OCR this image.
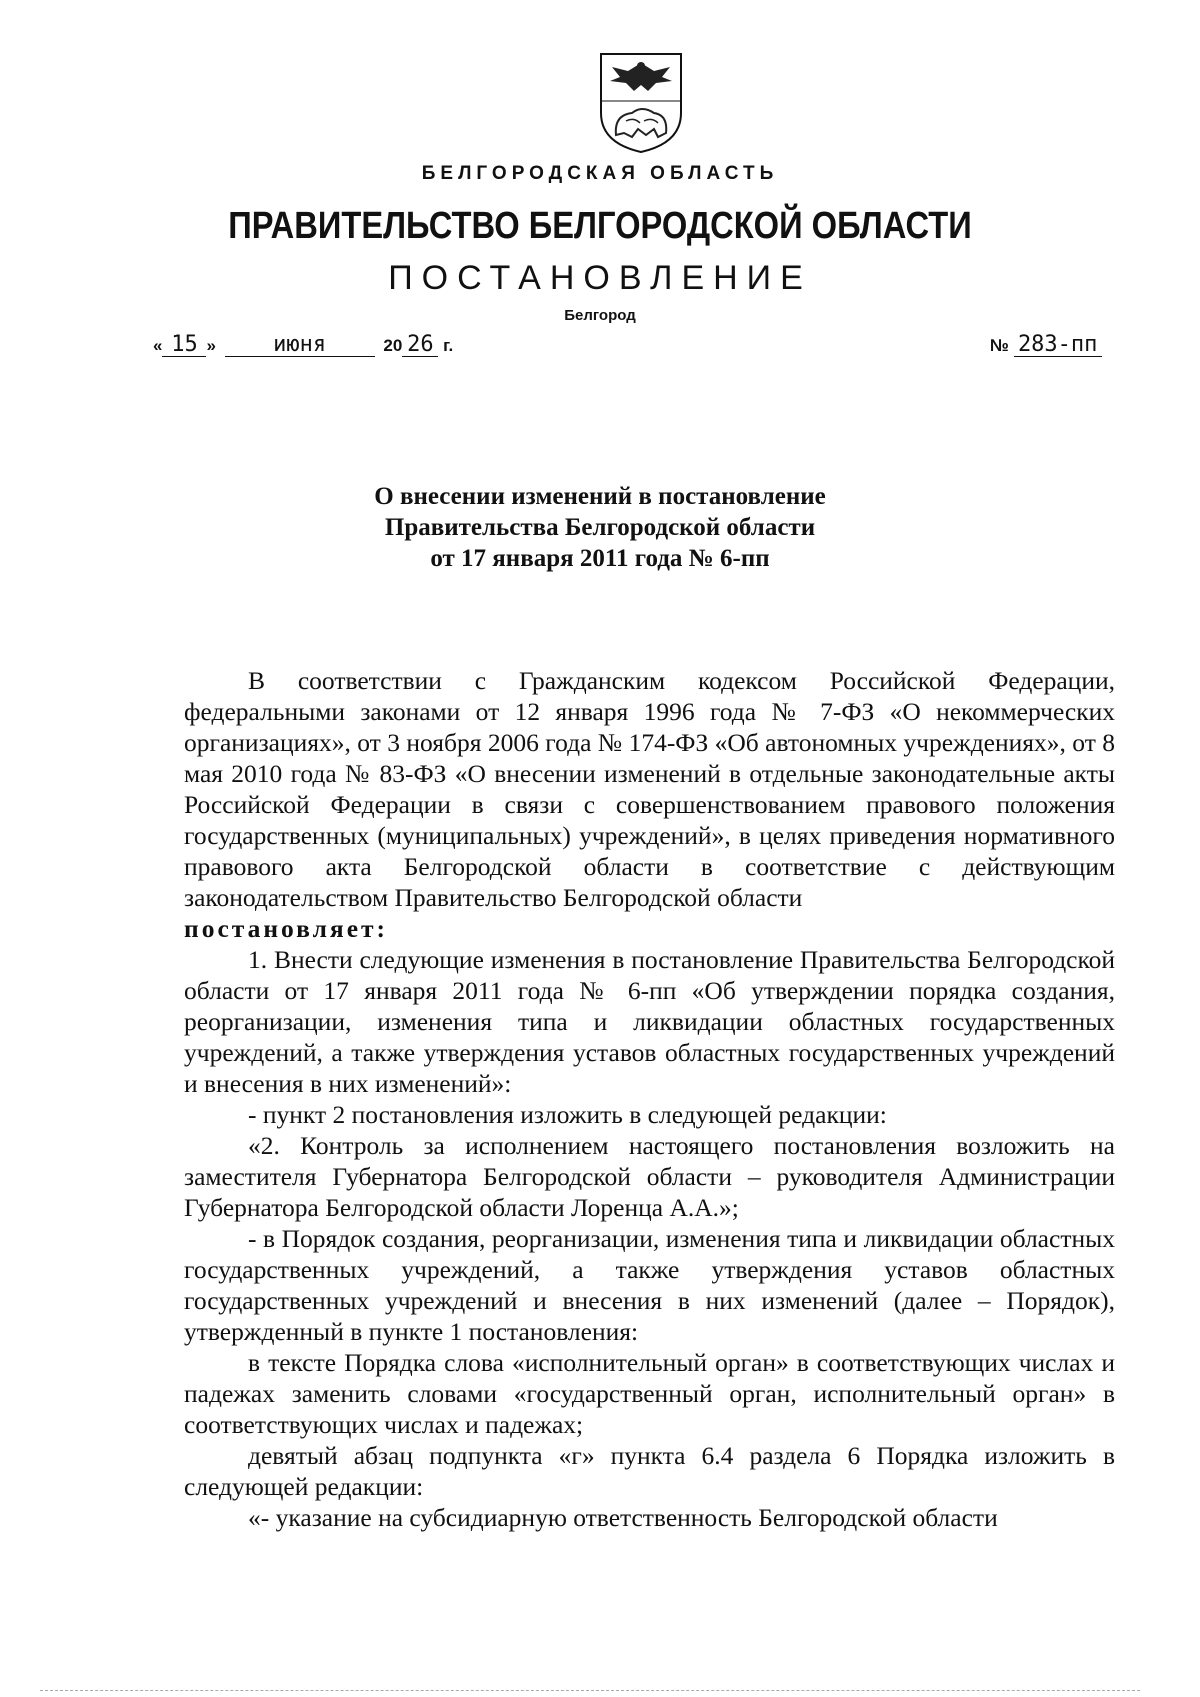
БЕЛГОРОДСКАЯ ОБЛАСТЬ
ПРАВИТЕЛЬСТВО БЕЛГОРОДСКОЙ ОБЛАСТИ
ПОСТАНОВЛЕНИЕ
Белгород
« 15 »	июня	20 26 г.	№ 283-пп
О внесении изменений в постановление
Правительства Белгородской области
от 17 января 2011 года № 6-пп

В соответствии с Гражданским кодексом Российской Федерации, федеральными законами от 12 января 1996 года № 7-ФЗ «О некоммерческих организациях», от 3 ноября 2006 года № 174-ФЗ «Об автономных учреждениях», от 8 мая 2010 года № 83-ФЗ «О внесении изменений в отдельные законодательные акты Российской Федерации в связи с совершенствованием правового положения государственных (муниципальных) учреждений», в целях приведения нормативного правового акта Белгородской области в соответствие с действующим законодательством Правительство Белгородской области

постановляет:

1. Внести следующие изменения в постановление Правительства Белгородской области от 17 января 2011 года № 6-пп «Об утверждении порядка создания, реорганизации, изменения типа и ликвидации областных государственных учреждений, а также утверждения уставов областных государственных учреждений и внесения в них изменений»:

- пункт 2 постановления изложить в следующей редакции:

«2. Контроль за исполнением настоящего постановления возложить на заместителя Губернатора Белгородской области – руководителя Администрации Губернатора Белгородской области Лоренца А.А.»;

- в Порядок создания, реорганизации, изменения типа и ликвидации областных государственных учреждений, а также утверждения уставов областных государственных учреждений и внесения в них изменений (далее – Порядок), утвержденный в пункте 1 постановления:

в тексте Порядка слова «исполнительный орган» в соответствующих числах и падежах заменить словами «государственный орган, исполнительный орган» в соответствующих числах и падежах;

девятый абзац подпункта «г» пункта 6.4 раздела 6 Порядка изложить в следующей редакции:

«- указание на субсидиарную ответственность Белгородской области
